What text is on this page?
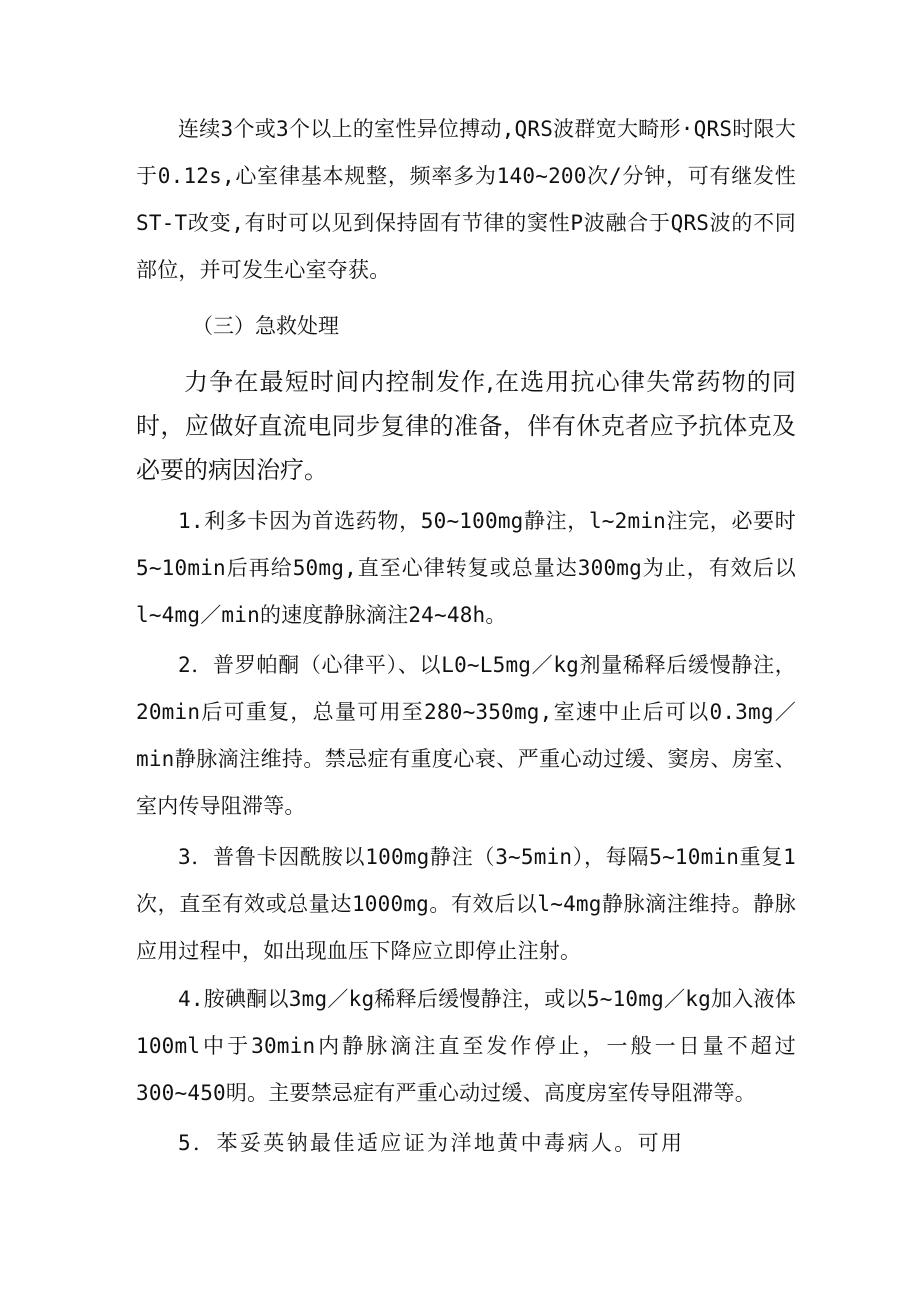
连续3个或3个以上的室性异位搏动,QRS波群宽大畸形·QRS时限大于0.12s,心室律基本规整，频率多为140~200次/分钟，可有继发性ST-T改变,有时可以见到保持固有节律的窦性P波融合于QRS波的不同部位，并可发生心室夺获。

（三）急救处理

力争在最短时间内控制发作,在选用抗心律失常药物的同时，应做好直流电同步复律的准备，伴有休克者应予抗体克及必要的病因治疗。

1.利多卡因为首选药物，50~100mg静注，l~2min注完，必要时5~10min后再给50mg,直至心律转复或总量达300mg为止，有效后以l~4mg／min的速度静脉滴注24~48h。

2．普罗帕酮（心律平）、以L0~L5mg／kg剂量稀释后缓慢静注，20min后可重复，总量可用至280~350mg,室速中止后可以0.3mg／min静脉滴注维持。禁忌症有重度心衰、严重心动过缓、窦房、房室、室内传导阻滞等。

3．普鲁卡因酰胺以100mg静注（3~5min），每隔5~10min重复1次，直至有效或总量达1000mg。有效后以l~4mg静脉滴注维持。静脉应用过程中，如出现血压下降应立即停止注射。

4.胺碘酮以3mg／kg稀释后缓慢静注，或以5~10mg／kg加入液体100ml中于30min内静脉滴注直至发作停止，一般一日量不超过300~450明。主要禁忌症有严重心动过缓、高度房室传导阻滞等。

5．苯妥英钠最佳适应证为洋地黄中毒病人。可用
